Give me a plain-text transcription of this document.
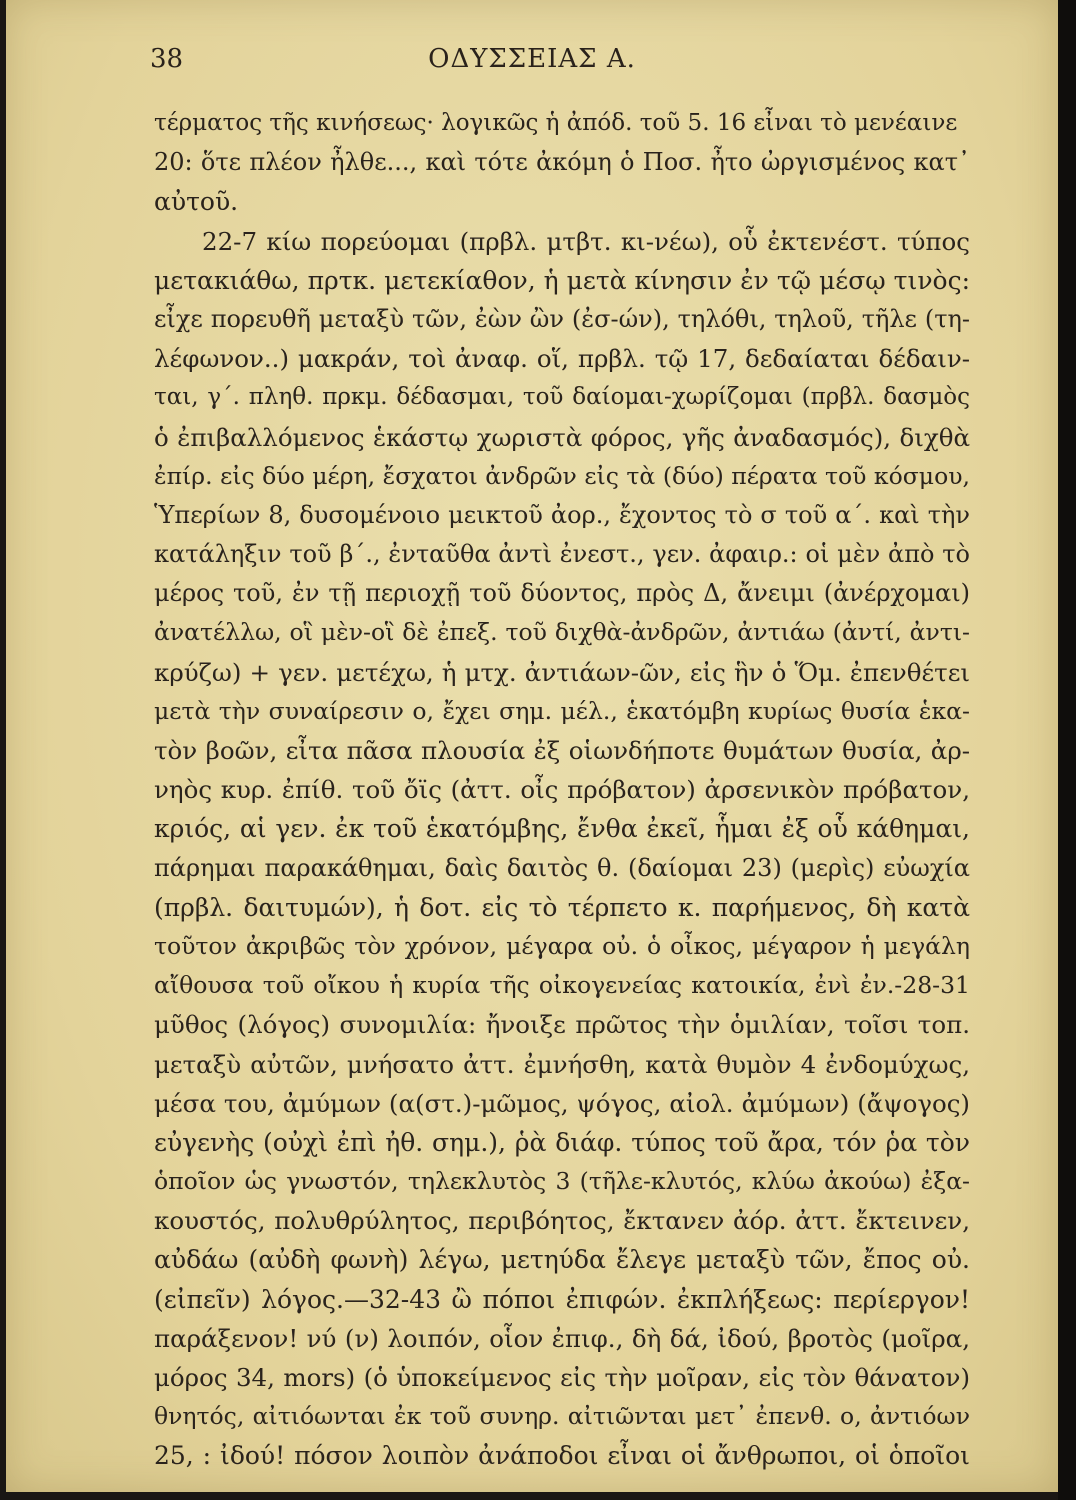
38	ΟΔΥΣΣΕΙΑΣ Α.
τέρματος τῆς κινήσεως· λογικῶς ἡ ἀπόδ. τοῦ 5. 16 εἶναι τὸ μενέαινε
20: ὅτε πλέον ἦλθε..., καὶ τότε ἀκόμη ὁ Ποσ. ἦτο ὠργισμένος κατ᾽
αὐτοῦ.
22-7 κίω πορεύομαι (πρβλ. μτβτ. κι-νέω), οὗ ἐκτενέστ. τύπος
μετακιάθω, πρτκ. μετεκίαθον, ἡ μετὰ κίνησιν ἐν τῷ μέσῳ τινὸς:
εἶχε πορευθῆ μεταξὺ τῶν, ἐὼν ὢν (ἐσ-ών), τηλόθι, τηλοῦ, τῆλε (τη-
λέφωνον..) μακράν, τοὶ ἀναφ. οἵ, πρβλ. τῷ 17, δεδαίαται δέδαιν-
ται, γ΄. πληθ. πρκμ. δέδασμαι, τοῦ δαίομαι-χωρίζομαι (πρβλ. δασμὸς
ὁ ἐπιβαλλόμενος ἑκάστῳ χωριστὰ φόρος, γῆς ἀναδασμός), διχθὰ
ἐπίρ. εἰς δύο μέρη, ἔσχατοι ἀνδρῶν εἰς τὰ (δύο) πέρατα τοῦ κόσμου,
Ὑπερίων 8, δυσομένοιο μεικτοῦ ἀορ., ἔχοντος τὸ σ τοῦ α΄. καὶ τὴν
κατάληξιν τοῦ β΄., ἐνταῦθα ἀντὶ ἐνεστ., γεν. ἀφαιρ.: οἱ μὲν ἀπὸ τὸ
μέρος τοῦ, ἐν τῇ περιοχῇ τοῦ δύοντος, πρὸς Δ, ἄνειμι (ἀνέρχομαι)
ἀνατέλλω, οἳ μὲν-οἳ δὲ ἐπεξ. τοῦ διχθὰ-ἀνδρῶν, ἀντιάω (ἀντί, ἀντι-
κρύζω) + γεν. μετέχω, ἡ μτχ. ἀντιάων-ῶν, εἰς ἣν ὁ Ὅμ. ἐπενθέτει
μετὰ τὴν συναίρεσιν ο, ἔχει σημ. μέλ., ἑκατόμβη κυρίως θυσία ἑκα-
τὸν βοῶν, εἶτα πᾶσα πλουσία ἐξ οἱωνδήποτε θυμάτων θυσία, ἀρ-
νηὸς κυρ. ἐπίθ. τοῦ ὄϊς (ἀττ. οἶς πρόβατον) ἀρσενικὸν πρόβατον,
κριός, αἱ γεν. ἐκ τοῦ ἑκατόμβης, ἔνθα ἐκεῖ, ἧμαι ἐξ οὗ κάθημαι,
πάρημαι παρακάθημαι, δαὶς δαιτὸς θ. (δαίομαι 23) (μερὶς) εὐωχία
(πρβλ. δαιτυμών), ἡ δοτ. εἰς τὸ τέρπετο κ. παρήμενος, δὴ κατὰ
τοῦτον ἀκριβῶς τὸν χρόνον, μέγαρα οὐ. ὁ οἶκος, μέγαρον ἡ μεγάλη
αἴθουσα τοῦ οἴκου ἡ κυρία τῆς οἰκογενείας κατοικία, ἐνὶ ἐν.-28-31
μῦθος (λόγος) συνομιλία: ἤνοιξε πρῶτος τὴν ὁμιλίαν, τοῖσι τοπ.
μεταξὺ αὐτῶν, μνήσατο ἀττ. ἐμνήσθη, κατὰ θυμὸν 4 ἐνδομύχως,
μέσα του, ἀμύμων (α(στ.)-μῶμος, ψόγος, αἰολ. ἀμύμων) (ἄψογος)
εὐγενὴς (οὐχὶ ἐπὶ ἠθ. σημ.), ῥὰ διάφ. τύπος τοῦ ἄρα, τόν ῥα τὸν
ὁποῖον ὡς γνωστόν, τηλεκλυτὸς 3 (τῆλε-κλυτός, κλύω ἀκούω) ἐξα-
κουστός, πολυθρύλητος, περιβόητος, ἔκτανεν ἀόρ. ἀττ. ἔκτεινεν,
αὐδάω (αὐδὴ φωνὴ) λέγω, μετηύδα ἔλεγε μεταξὺ τῶν, ἔπος οὐ.
(εἰπεῖν) λόγος.—32-43 ὢ πόποι ἐπιφών. ἐκπλήξεως: περίεργον!
παράξενον! νύ (ν) λοιπόν, οἷον ἐπιφ., δὴ δά, ἰδού, βροτὸς (μοῖρα,
μόρος 34, mors) (ὁ ὑποκείμενος εἰς τὴν μοῖραν, εἰς τὸν θάνατον)
θνητός, αἰτιόωνται ἐκ τοῦ συνηρ. αἰτιῶνται μετ᾽ ἐπενθ. ο, ἀντιόων
25, : ἰδού! πόσον λοιπὸν ἀνάποδοι εἶναι οἱ ἄνθρωποι, οἱ ὁποῖοι
